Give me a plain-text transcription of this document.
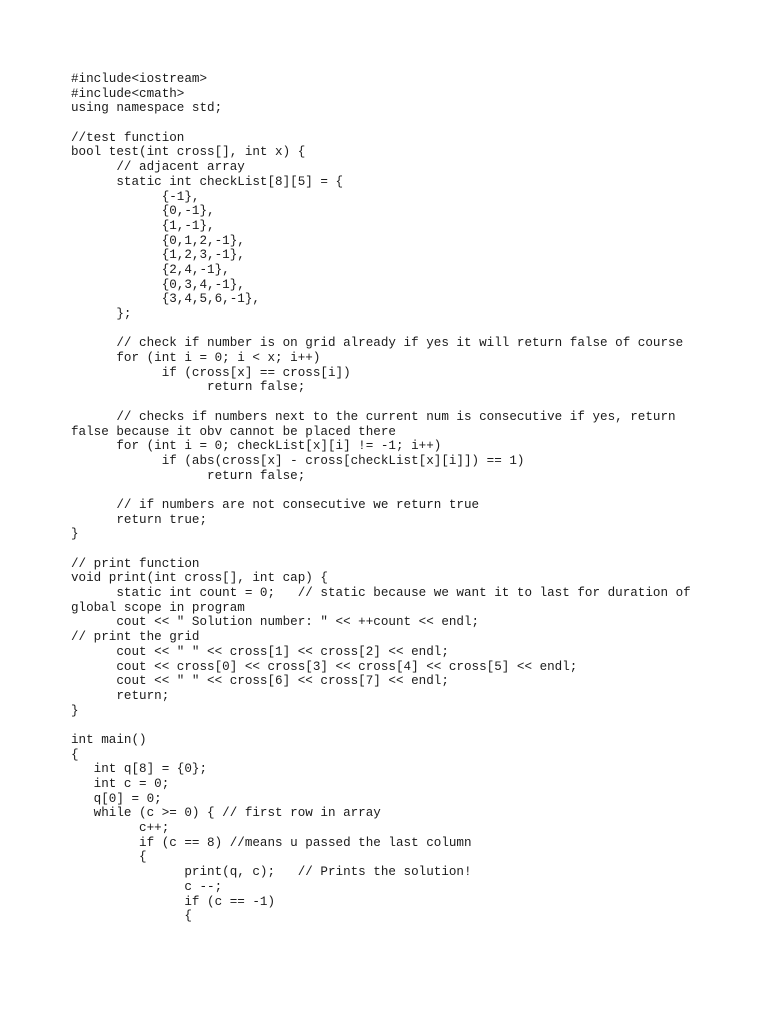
#include<iostream>
#include<cmath>
using namespace std;
//test function
bool test(int cross[], int x) {
// adjacent array
static int checkList[8][5] = {
{-1},
{0,-1},
{1,-1},
{0,1,2,-1},
{1,2,3,-1},
{2,4,-1},
{0,3,4,-1},
{3,4,5,6,-1},
};
// check if number is on grid already if yes it will return false of course
for (int i = 0; i < x; i++)
if (cross[x] == cross[i])
return false;
// checks if numbers next to the current num is consecutive if yes, return
false because it obv cannot be placed there
for (int i = 0; checkList[x][i] != -1; i++)
if (abs(cross[x] - cross[checkList[x][i]]) == 1)
return false;
// if numbers are not consecutive we return true
return true;
}
// print function
void print(int cross[], int cap) {
static int count = 0;   // static because we want it to last for duration of
global scope in program
cout << " Solution number: " << ++count << endl;
// print the grid
cout << " " << cross[1] << cross[2] << endl;
cout << cross[0] << cross[3] << cross[4] << cross[5] << endl;
cout << " " << cross[6] << cross[7] << endl;
return;
}
int main()
{
int q[8] = {0};
int c = 0;
q[0] = 0;
while (c >= 0) { // first row in array
c++;
if (c == 8) //means u passed the last column
{
print(q, c);   // Prints the solution!
c --;
if (c == -1)
{
